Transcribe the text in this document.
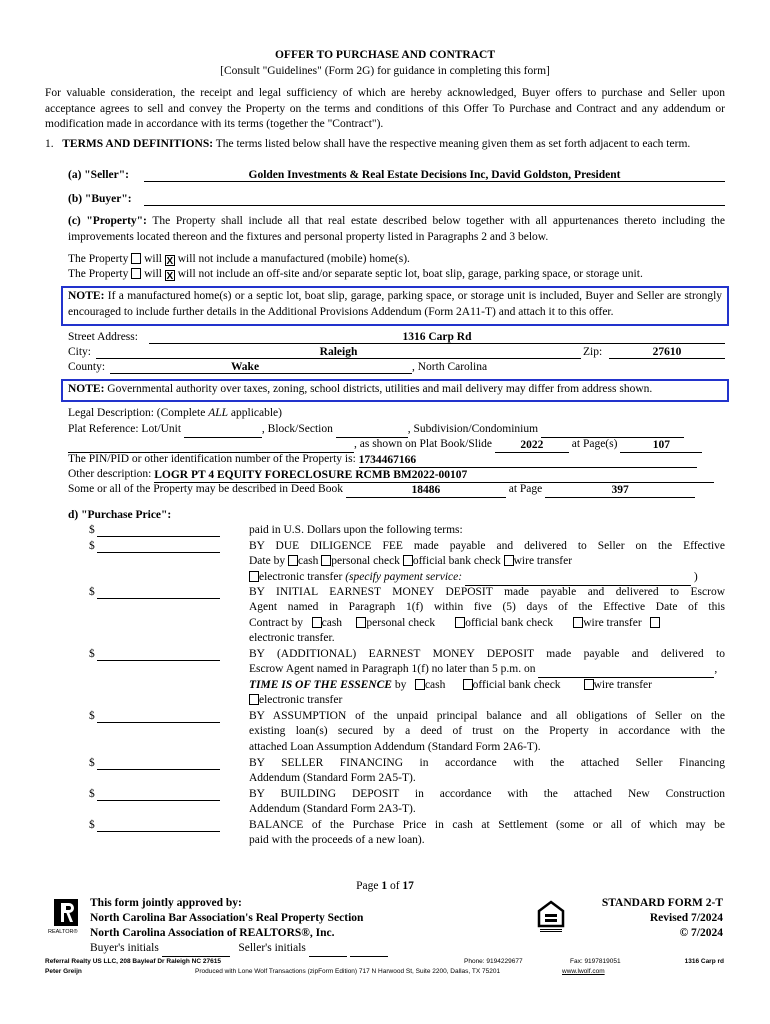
OFFER TO PURCHASE AND CONTRACT
[Consult "Guidelines" (Form 2G) for guidance in completing this form]
For valuable consideration, the receipt and legal sufficiency of which are hereby acknowledged, Buyer offers to purchase and Seller upon acceptance agrees to sell and convey the Property on the terms and conditions of this Offer To Purchase and Contract and any addendum or modification made in accordance with its terms (together the "Contract").
1. TERMS AND DEFINITIONS: The terms listed below shall have the respective meaning given them as set forth adjacent to each term.
(a) "Seller":	Golden Investments & Real Estate Decisions Inc, David Goldston, President
(b) "Buyer":
(c) "Property": The Property shall include all that real estate described below together with all appurtenances thereto including the improvements located thereon and the fixtures and personal property listed in Paragraphs 2 and 3 below.
The Property will X will not include a manufactured (mobile) home(s).
The Property will X will not include an off-site and/or separate septic lot, boat slip, garage, parking space, or storage unit.
NOTE: If a manufactured home(s) or a septic lot, boat slip, garage, parking space, or storage unit is included, Buyer and Seller are strongly encouraged to include further details in the Additional Provisions Addendum (Form 2A11-T) and attach it to this offer.
Street Address:	1316 Carp Rd
City:	Raleigh	Zip:	27610
County:	Wake	, North Carolina
NOTE: Governmental authority over taxes, zoning, school districts, utilities and mail delivery may differ from address shown.
Legal Description: (Complete ALL applicable)
Plat Reference: Lot/Unit	, Block/Section	, Subdivision/Condominium
, as shown on Plat Book/Slide 2022 at Page(s)	107
The PIN/PID or other identification number of the Property is: 1734467166
Other description: LOGR PT 4 EQUITY FORECLOSURE RCMB BM2022-00107
Some or all of the Property may be described in Deed Book	18486	at Page	397
d) "Purchase Price":
$	paid in U.S. Dollars upon the following terms:
$	BY DUE DILIGENCE FEE made payable and delivered to Seller on the Effective
Date by cash personal check official bank check wire transfer
electronic transfer (specify payment service:	)
$	BY INITIAL EARNEST MONEY DEPOSIT made payable and delivered to Escrow
Agent named in Paragraph 1(f) within five (5) days of the Effective Date of this
Contract by cash personal check	official bank check	wire transfer
electronic transfer.
$	BY (ADDITIONAL) EARNEST MONEY DEPOSIT made payable and delivered to
Escrow Agent named in Paragraph 1(f) no later than 5 p.m. on	,
TIME IS OF THE ESSENCE by cash official bank check	wire transfer
electronic transfer
$	BY ASSUMPTION of the unpaid principal balance and all obligations of Seller on the
existing loan(s) secured by a deed of trust on the Property in accordance with the
attached Loan Assumption Addendum (Standard Form 2A6-T).
$	BY SELLER FINANCING in accordance with the attached Seller Financing
Addendum (Standard Form 2A5-T).
$	BY BUILDING DEPOSIT in accordance with the attached New Construction
Addendum (Standard Form 2A3-T).
$	BALANCE of the Purchase Price in cash at Settlement (some or all of which may be
paid with the proceeds of a new loan).
Page 1 of 17
REALTOR®
This form jointly approved by:
North Carolina Bar Association's Real Property Section
North Carolina Association of REALTORS®, Inc.
STANDARD FORM 2-T
Revised 7/2024
© 7/2024
Buyer's initials	Seller's initials
Referral Realty US LLC, 208 Bayleaf Dr Raleigh NC 27615
Peter Greijn
Phone: 9194229677	Fax: 9197819051	1316 Carp rd
Produced with Lone Wolf Transactions (zipForm Edition) 717 N Harwood St, Suite 2200, Dallas, TX 75201	www.lwolf.com
